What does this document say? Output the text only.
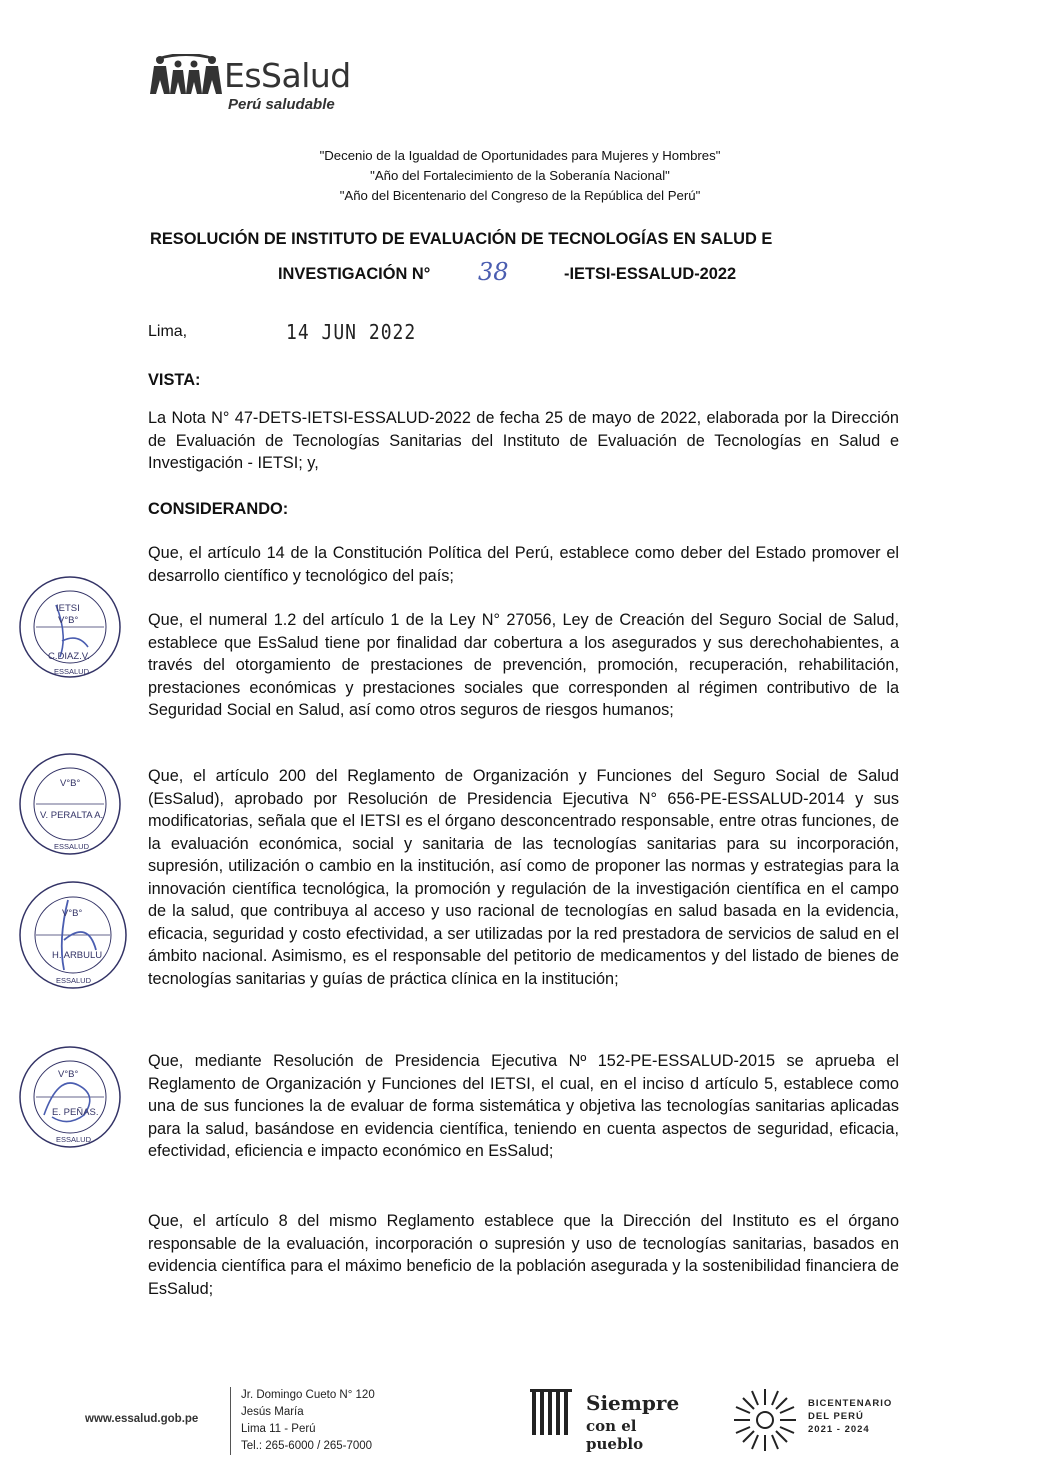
EsSalud
Perú saludable
"Decenio de la Igualdad de Oportunidades para Mujeres y Hombres"
"Año del Fortalecimiento de la Soberanía Nacional"
"Año del Bicentenario del Congreso de la República del Perú"
RESOLUCIÓN DE INSTITUTO DE EVALUACIÓN DE TECNOLOGÍAS EN SALUD E
INVESTIGACIÓN N° 38	-IETSI-ESSALUD-2022
Lima,	14 JUN 2022
VISTA:
La Nota N° 47-DETS-IETSI-ESSALUD-2022 de fecha 25 de mayo de 2022, elaborada por la Dirección de Evaluación de Tecnologías Sanitarias del Instituto de Evaluación de Tecnologías en Salud e Investigación - IETSI; y,
CONSIDERANDO:
Que, el artículo 14 de la Constitución Política del Perú, establece como deber del Estado promover el desarrollo científico y tecnológico del país;
Que, el numeral 1.2 del artículo 1 de la Ley N° 27056, Ley de Creación del Seguro Social de Salud, establece que EsSalud tiene por finalidad dar cobertura a los asegurados y sus derechohabientes, a través del otorgamiento de prestaciones de prevención, promoción, recuperación, rehabilitación, prestaciones económicas y prestaciones sociales que corresponden al régimen contributivo de la Seguridad Social en Salud, así como otros seguros de riesgos humanos;
Que, el artículo 200 del Reglamento de Organización y Funciones del Seguro Social de Salud (EsSalud), aprobado por Resolución de Presidencia Ejecutiva N° 656-PE-ESSALUD-2014 y sus modificatorias, señala que el IETSI es el órgano desconcentrado responsable, entre otras funciones, de la evaluación económica, social y sanitaria de las tecnologías sanitarias para su incorporación, supresión, utilización o cambio en la institución, así como de proponer las normas y estrategias para la innovación científica tecnológica, la promoción y regulación de la investigación científica en el campo de la salud, que contribuya al acceso y uso racional de tecnologías en salud basada en la evidencia, eficacia, seguridad y costo efectividad, a ser utilizadas por la red prestadora de servicios de salud en el ámbito nacional. Asimismo, es el responsable del petitorio de medicamentos y del listado de bienes de tecnologías sanitarias y guías de práctica clínica en la institución;
Que, mediante Resolución de Presidencia Ejecutiva Nº 152-PE-ESSALUD-2015 se aprueba el Reglamento de Organización y Funciones del IETSI, el cual, en el inciso d artículo 5, establece como una de sus funciones la de evaluar de forma sistemática y objetiva las tecnologías sanitarias aplicadas para la salud, basándose en evidencia científica, teniendo en cuenta aspectos de seguridad, eficacia, efectividad, eficiencia e impacto económico en EsSalud;
Que, el artículo 8 del mismo Reglamento establece que la Dirección del Instituto es el órgano responsable de la evaluación, incorporación o supresión y uso de tecnologías sanitarias, basados en evidencia científica para el máximo beneficio de la población asegurada y la sostenibilidad financiera de EsSalud;
IETSI
V°B°
C.DIAZ.V.
ESSALUD
V°B°
V. PERALTA A.
ESSALUD
V°B°
H. ARBULU
ESSALUD
V°B°
E. PEÑAS.
ESSALUD
www.essalud.gob.pe
Jr. Domingo Cueto N° 120
Jesús María
Lima 11 - Perú
Tel.: 265-6000 / 265-7000
Siempre
con el pueblo
BICENTENARIO
DEL PERÚ
2021 - 2024
